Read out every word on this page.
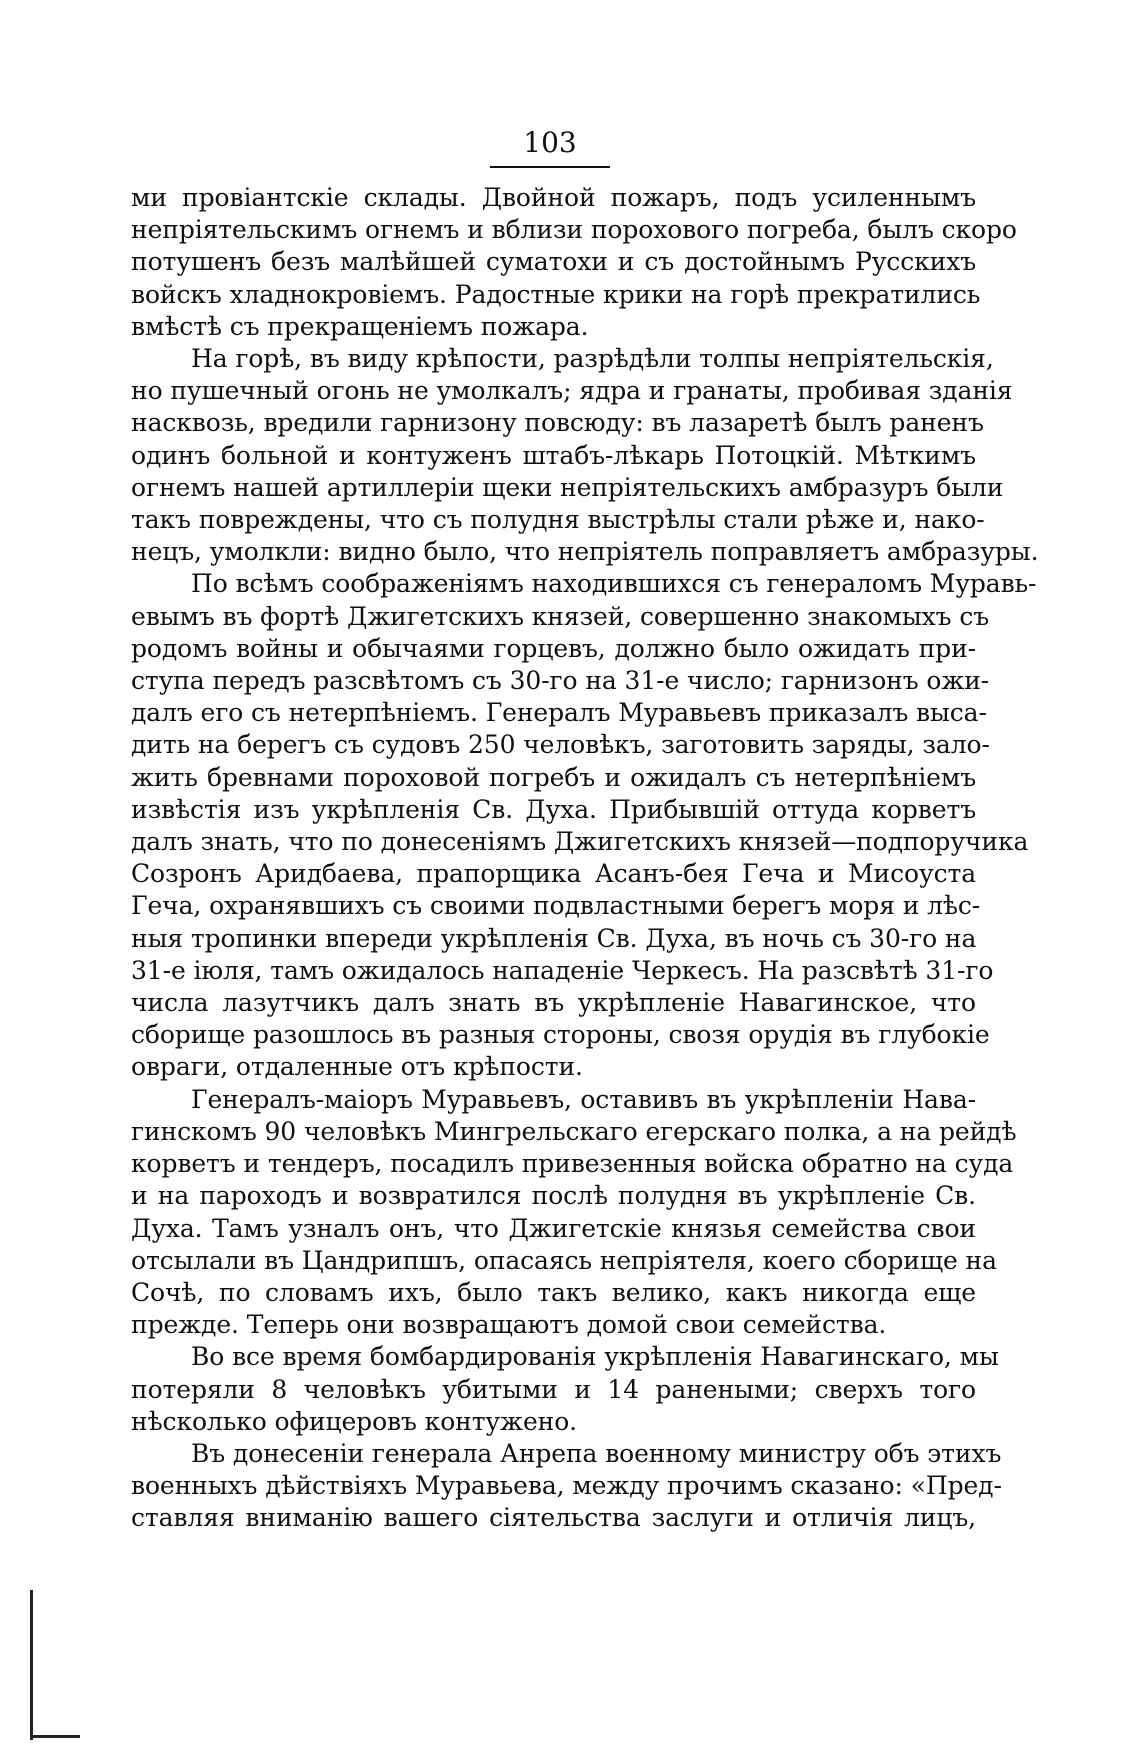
103

ми провіантскіе склады. Двойной пожаръ, подъ усиленнымъ
непріятельскимъ огнемъ и вблизи порохового погреба, былъ скоро
потушенъ безъ малѣйшей суматохи и съ достойнымъ Русскихъ
войскъ хладнокровіемъ. Радостные крики на горѣ прекратились
вмѣстѣ съ прекращеніемъ пожара.

На горѣ, въ виду крѣпости, разрѣдѣли толпы непріятельскія,
но пушечный огонь не умолкалъ; ядра и гранаты, пробивая зданія
насквозь, вредили гарнизону повсюду: въ лазаретѣ былъ раненъ
одинъ больной и контуженъ штабъ-лѣкарь Потоцкій. Мѣткимъ
огнемъ нашей артиллеріи щеки непріятельскихъ амбразуръ были
такъ повреждены, что съ полудня выстрѣлы стали рѣже и, нако-
нецъ, умолкли: видно было, что непріятель поправляетъ амбразуры.

По всѣмъ соображеніямъ находившихся съ генераломъ Муравь-
евымъ въ фортѣ Джигетскихъ князей, совершенно знакомыхъ съ
родомъ войны и обычаями горцевъ, должно было ожидать при-
ступа передъ разсвѣтомъ съ 30-го на 31-е число; гарнизонъ ожи-
далъ его съ нетерпѣніемъ. Генералъ Муравьевъ приказалъ выса-
дить на берегъ съ судовъ 250 человѣкъ, заготовить заряды, зало-
жить бревнами пороховой погребъ и ожидалъ съ нетерпѣніемъ
извѣстія изъ укрѣпленія Св. Духа. Прибывшій оттуда корветъ
далъ знать, что по донесеніямъ Джигетскихъ князей—подпоручика
Созронъ Аридбаева, прапорщика Асанъ-бея Геча и Мисоуста
Геча, охранявшихъ съ своими подвластными берегъ моря и лѣс-
ныя тропинки впереди укрѣпленія Св. Духа, въ ночь съ 30-го на
31-е іюля, тамъ ожидалось нападеніе Черкесъ. На разсвѣтѣ 31-го
числа лазутчикъ далъ знать въ укрѣпленіе Навагинское, что
сборище разошлось въ разныя стороны, свозя орудія въ глубокіе
овраги, отдаленные отъ крѣпости.

Генералъ-маіоръ Муравьевъ, оставивъ въ укрѣпленіи Нава-
гинскомъ 90 человѣкъ Мингрельскаго егерскаго полка, а на рейдѣ
корветъ и тендеръ, посадилъ привезенныя войска обратно на суда
и на пароходъ и возвратился послѣ полудня въ укрѣпленіе Св.
Духа. Тамъ узналъ онъ, что Джигетскіе князья семейства свои
отсылали въ Цандрипшъ, опасаясь непріятеля, коего сборище на
Сочѣ, по словамъ ихъ, было такъ велико, какъ никогда еще
прежде. Теперь они возвращаютъ домой свои семейства.

Во все время бомбардированія укрѣпленія Навагинскаго, мы
потеряли 8 человѣкъ убитыми и 14 ранеными; сверхъ того
нѣсколько офицеровъ контужено.

Въ донесеніи генерала Анрепа военному министру объ этихъ
военныхъ дѣйствіяхъ Муравьева, между прочимъ сказано: «Пред-
ставляя вниманію вашего сіятельства заслуги и отличія лицъ,
